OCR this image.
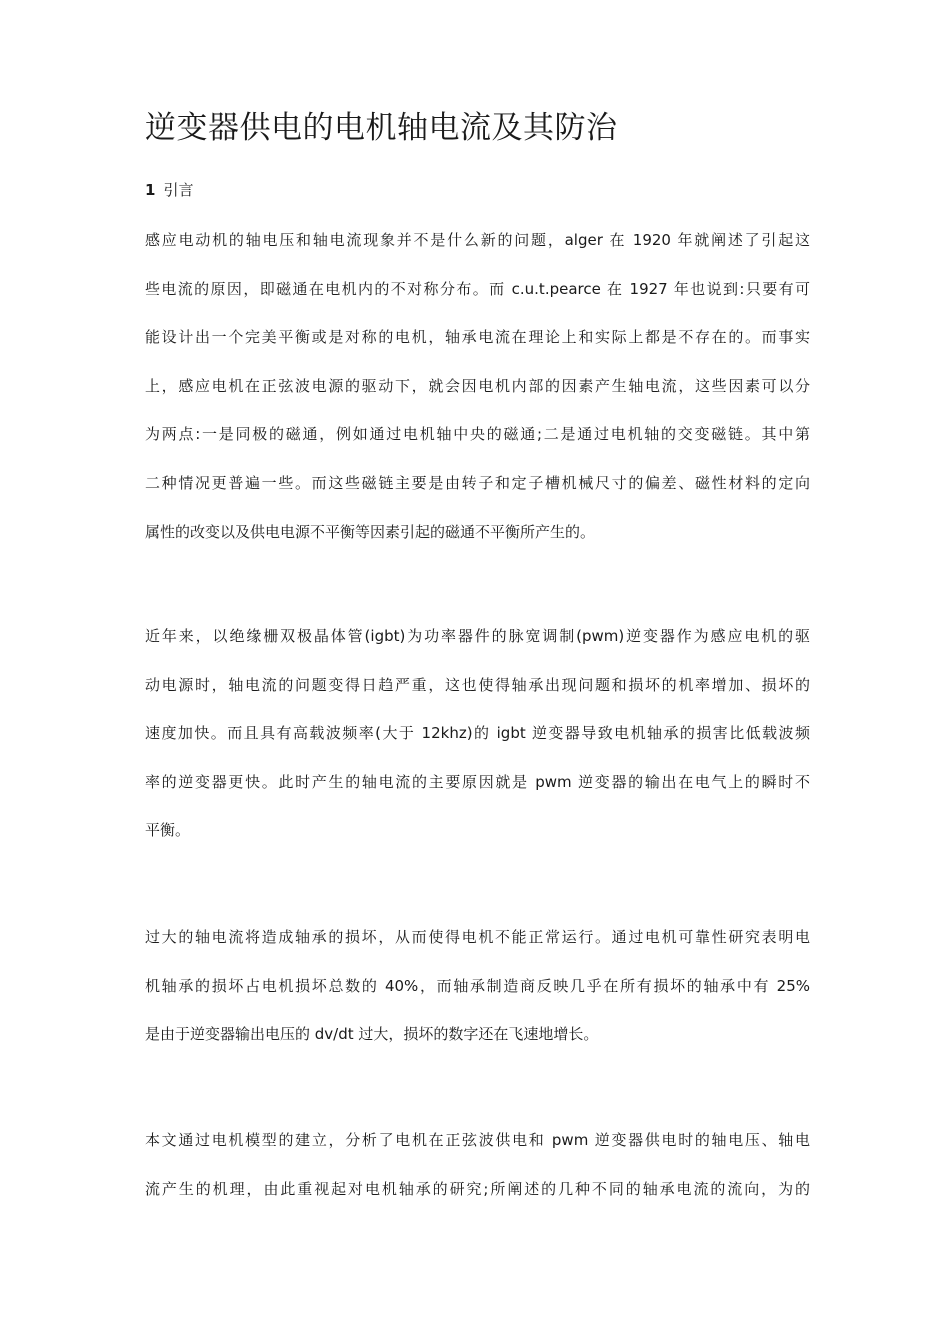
逆变器供电的电机轴电流及其防治
1 引言
感应电动机的轴电压和轴电流现象并不是什么新的问题，alger 在 1920 年就阐述了引起这
些电流的原因，即磁通在电机内的不对称分布。而 c.u.t.pearce 在 1927 年也说到:只要有可
能设计出一个完美平衡或是对称的电机，轴承电流在理论上和实际上都是不存在的。而事实
上，感应电机在正弦波电源的驱动下，就会因电机内部的因素产生轴电流，这些因素可以分
为两点:一是同极的磁通，例如通过电机轴中央的磁通;二是通过电机轴的交变磁链。其中第
二种情况更普遍一些。而这些磁链主要是由转子和定子槽机械尺寸的偏差、磁性材料的定向
属性的改变以及供电电源不平衡等因素引起的磁通不平衡所产生的。
近年来，以绝缘栅双极晶体管(igbt)为功率器件的脉宽调制(pwm)逆变器作为感应电机的驱
动电源时，轴电流的问题变得日趋严重，这也使得轴承出现问题和损坏的机率增加、损坏的
速度加快。而且具有高载波频率(大于 12khz)的 igbt 逆变器导致电机轴承的损害比低载波频
率的逆变器更快。此时产生的轴电流的主要原因就是 pwm 逆变器的输出在电气上的瞬时不
平衡。
过大的轴电流将造成轴承的损坏，从而使得电机不能正常运行。通过电机可靠性研究表明电
机轴承的损坏占电机损坏总数的 40%，而轴承制造商反映几乎在所有损坏的轴承中有 25%
是由于逆变器输出电压的 dv/dt 过大，损坏的数字还在飞速地增长。
本文通过电机模型的建立，分析了电机在正弦波供电和 pwm 逆变器供电时的轴电压、轴电
流产生的机理，由此重视起对电机轴承的研究;所阐述的几种不同的轴承电流的流向，为的
